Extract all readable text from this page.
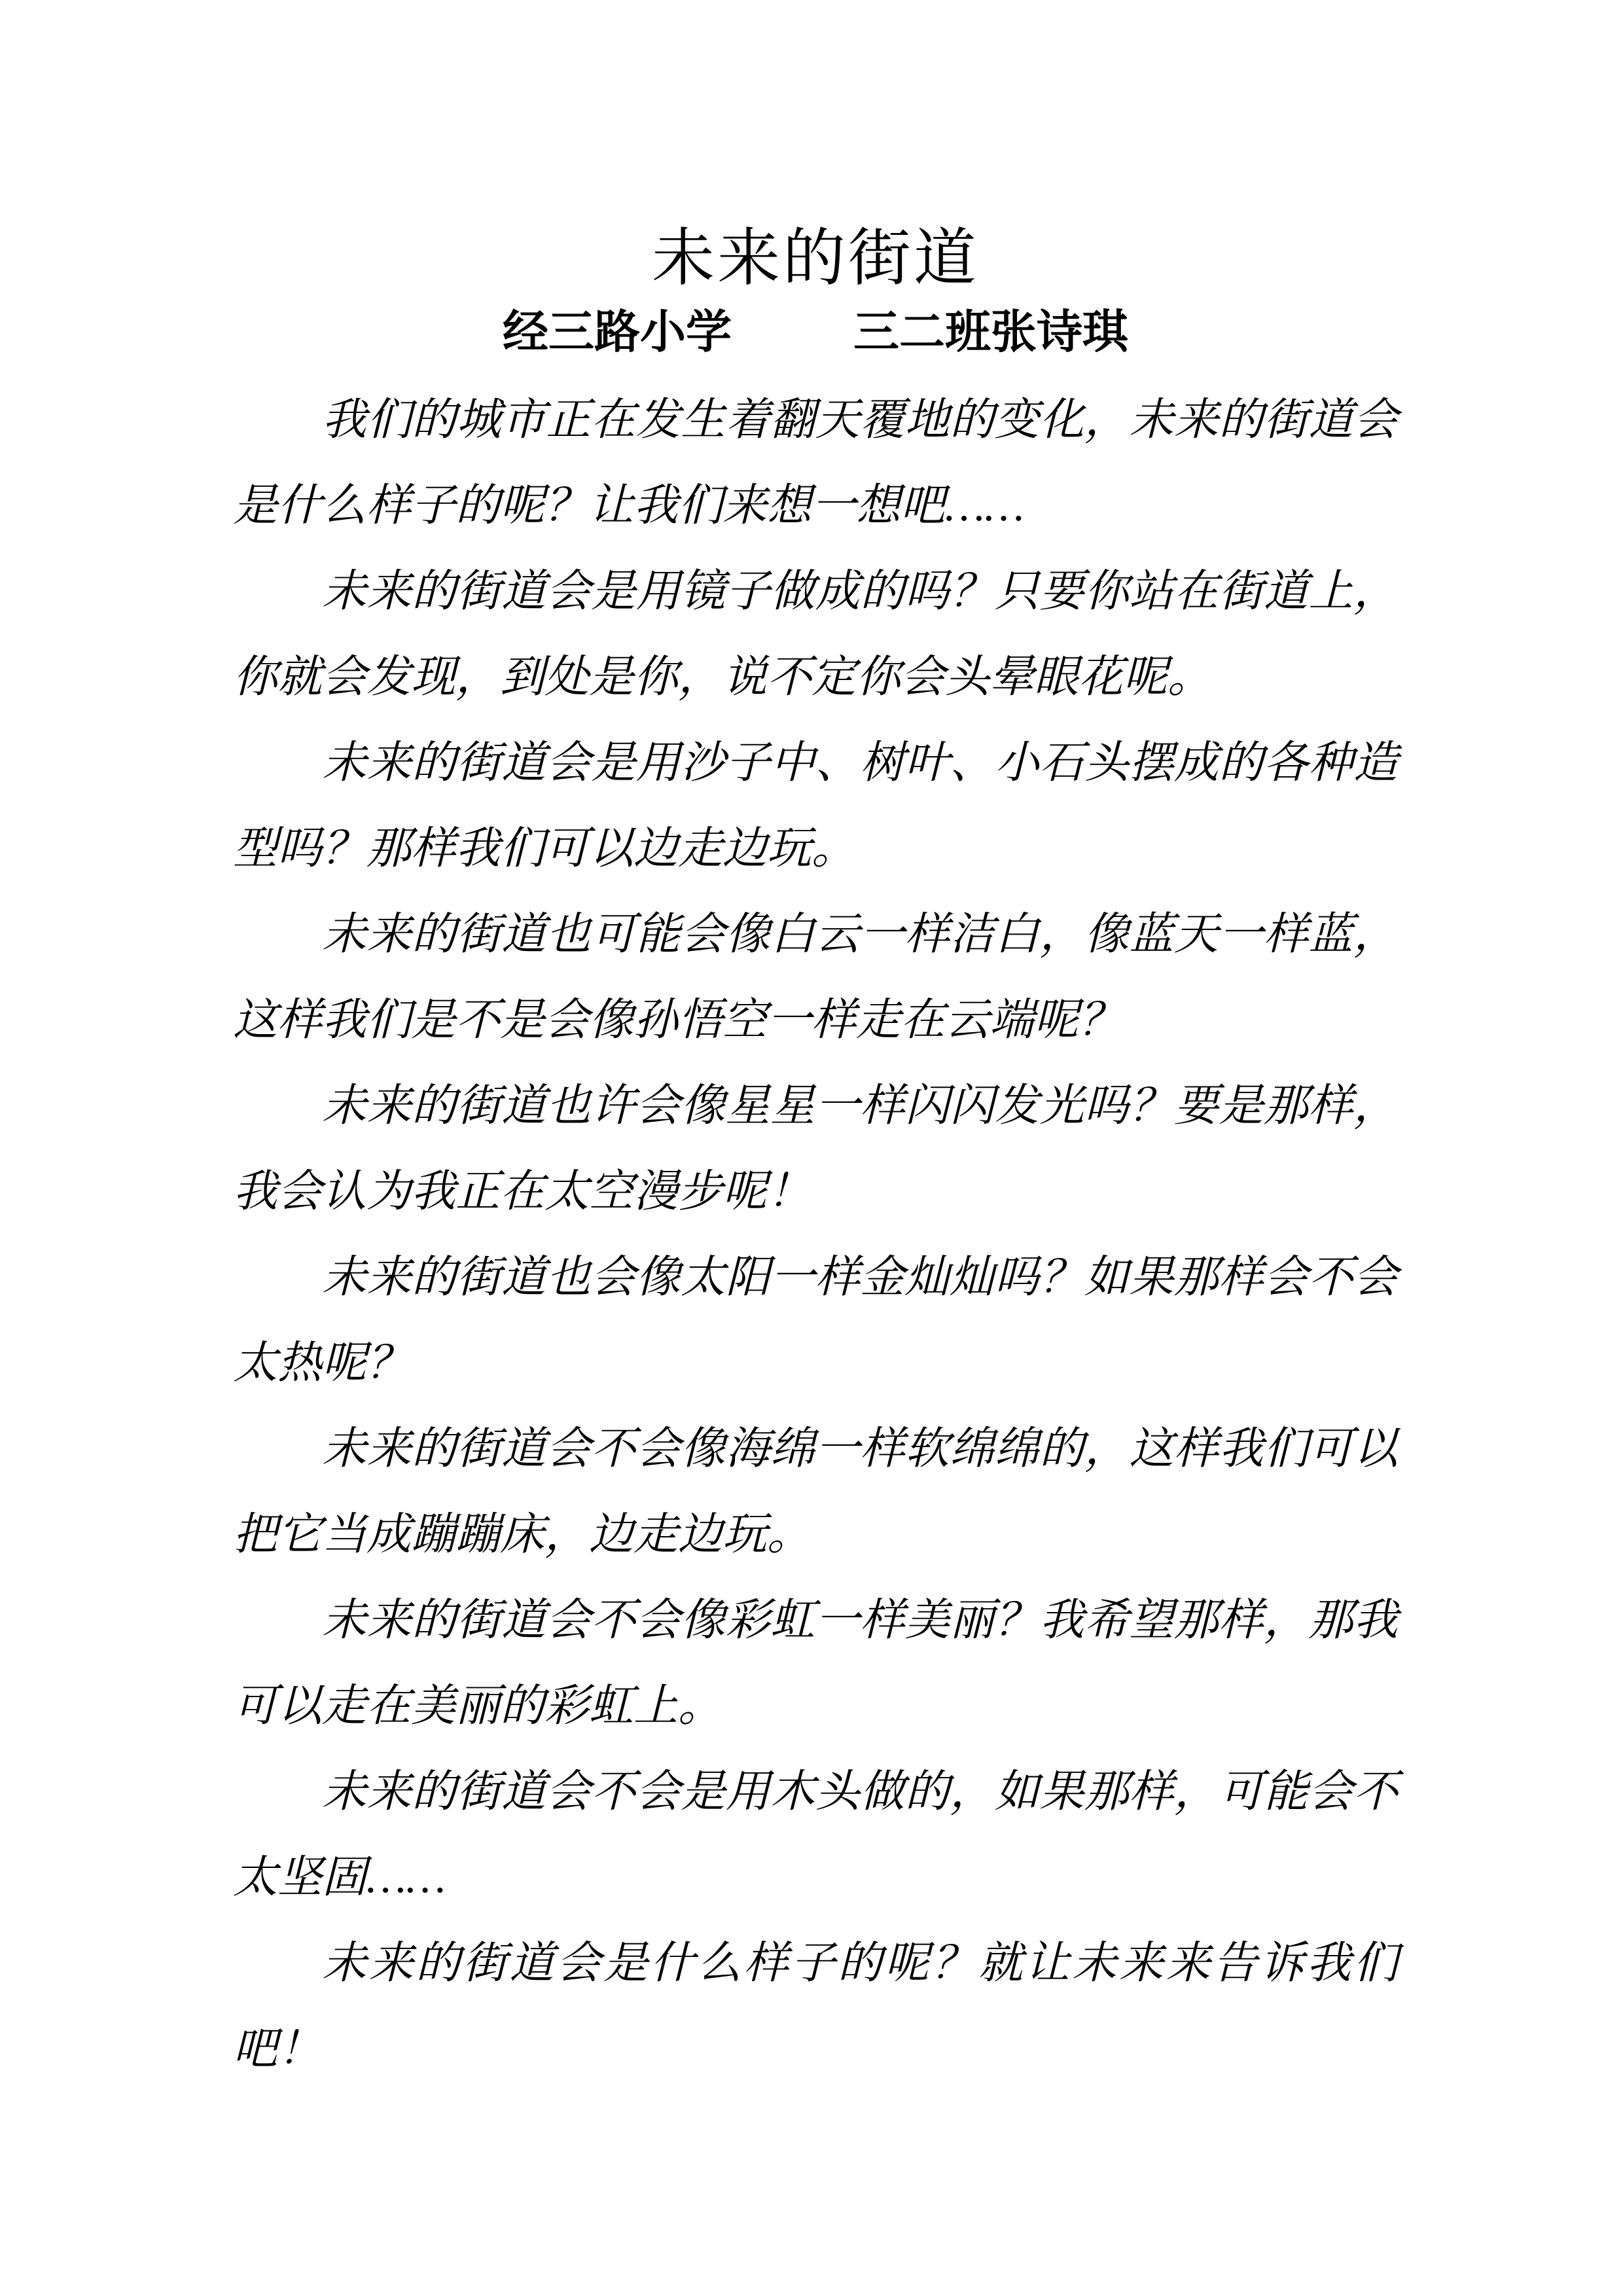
未来的街道
经三路小学	三二班张诗琪

我们的城市正在发生着翻天覆地的变化，未来的街道会是什么样子的呢？让我们来想一想吧……

未来的街道会是用镜子做成的吗？只要你站在街道上，你就会发现，到处是你，说不定你会头晕眼花呢。

未来的街道会是用沙子中、树叶、小石头摆成的各种造型吗？那样我们可以边走边玩。

未来的街道也可能会像白云一样洁白，像蓝天一样蓝，这样我们是不是会像孙悟空一样走在云端呢？

未来的街道也许会像星星一样闪闪发光吗？要是那样，我会认为我正在太空漫步呢！

未来的街道也会像太阳一样金灿灿吗？如果那样会不会太热呢？

未来的街道会不会像海绵一样软绵绵的，这样我们可以把它当成蹦蹦床，边走边玩。

未来的街道会不会像彩虹一样美丽？我希望那样，那我可以走在美丽的彩虹上。

未来的街道会不会是用木头做的，如果那样，可能会不太坚固……

未来的街道会是什么样子的呢？就让未来来告诉我们吧！
